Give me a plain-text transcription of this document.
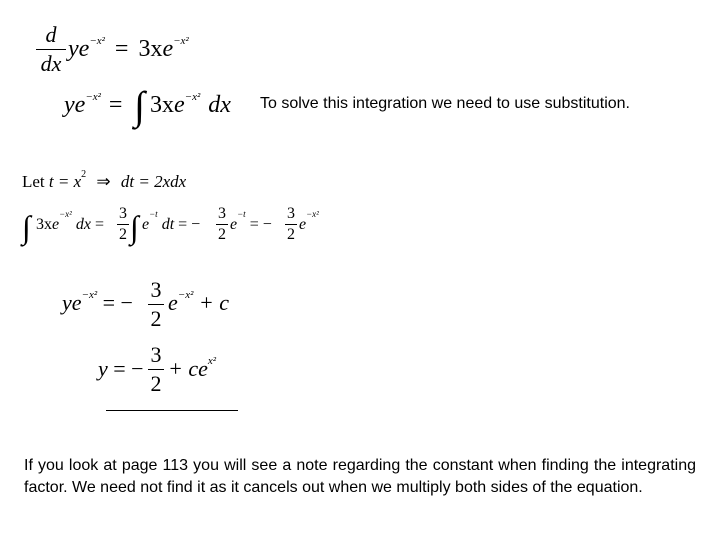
d
dx
$ye^{-x^2} = 3xe^{-x^2}$
$ye^{-x^2}$ = ∫ $3xe^{-x^2}$ dx To solve this integration we need to use substitution.
Let $t = x^2$ ⇒ dt = 2xdx
∫ $3xe^{-x^2}$ dx =
3
2 ∫ $e^{-t}$ dt = −
3
2
$e^{-t}$ = −
3
2
$e^{-x^2}$
$ye^{-x^2}$ = −
3
2
$e^{-x^2} + c$
y = −
3
2
+ $ce^{x^2}$
If you look at page 113 you will see a note regarding the constant when finding the integrating factor. We need not find it as it cancels out when we multiply both sides of the equation.
